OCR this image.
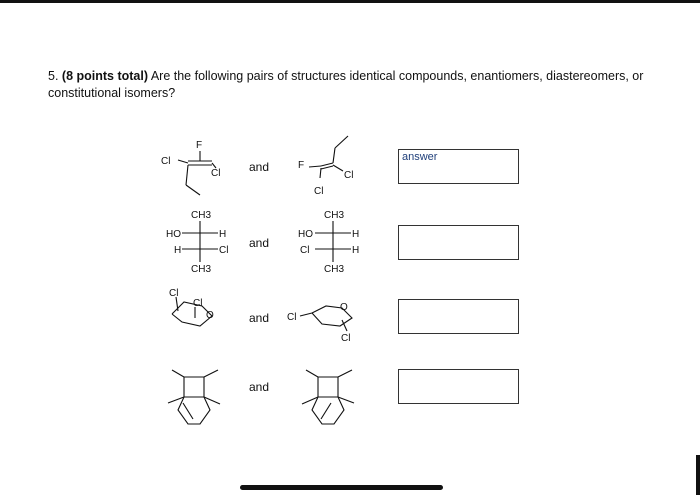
5. (8 points total) Are the following pairs of structures identical compounds, enantiomers, diastereomers, or constitutional isomers?
and
and
and
and
answer
F
Cl
Cl
F
Cl
Cl
CH3
HO	H
H	Cl
CH3
CH3
HO	H
Cl	H
CH3
Cl
Cl
O	Cl
O
Cl
